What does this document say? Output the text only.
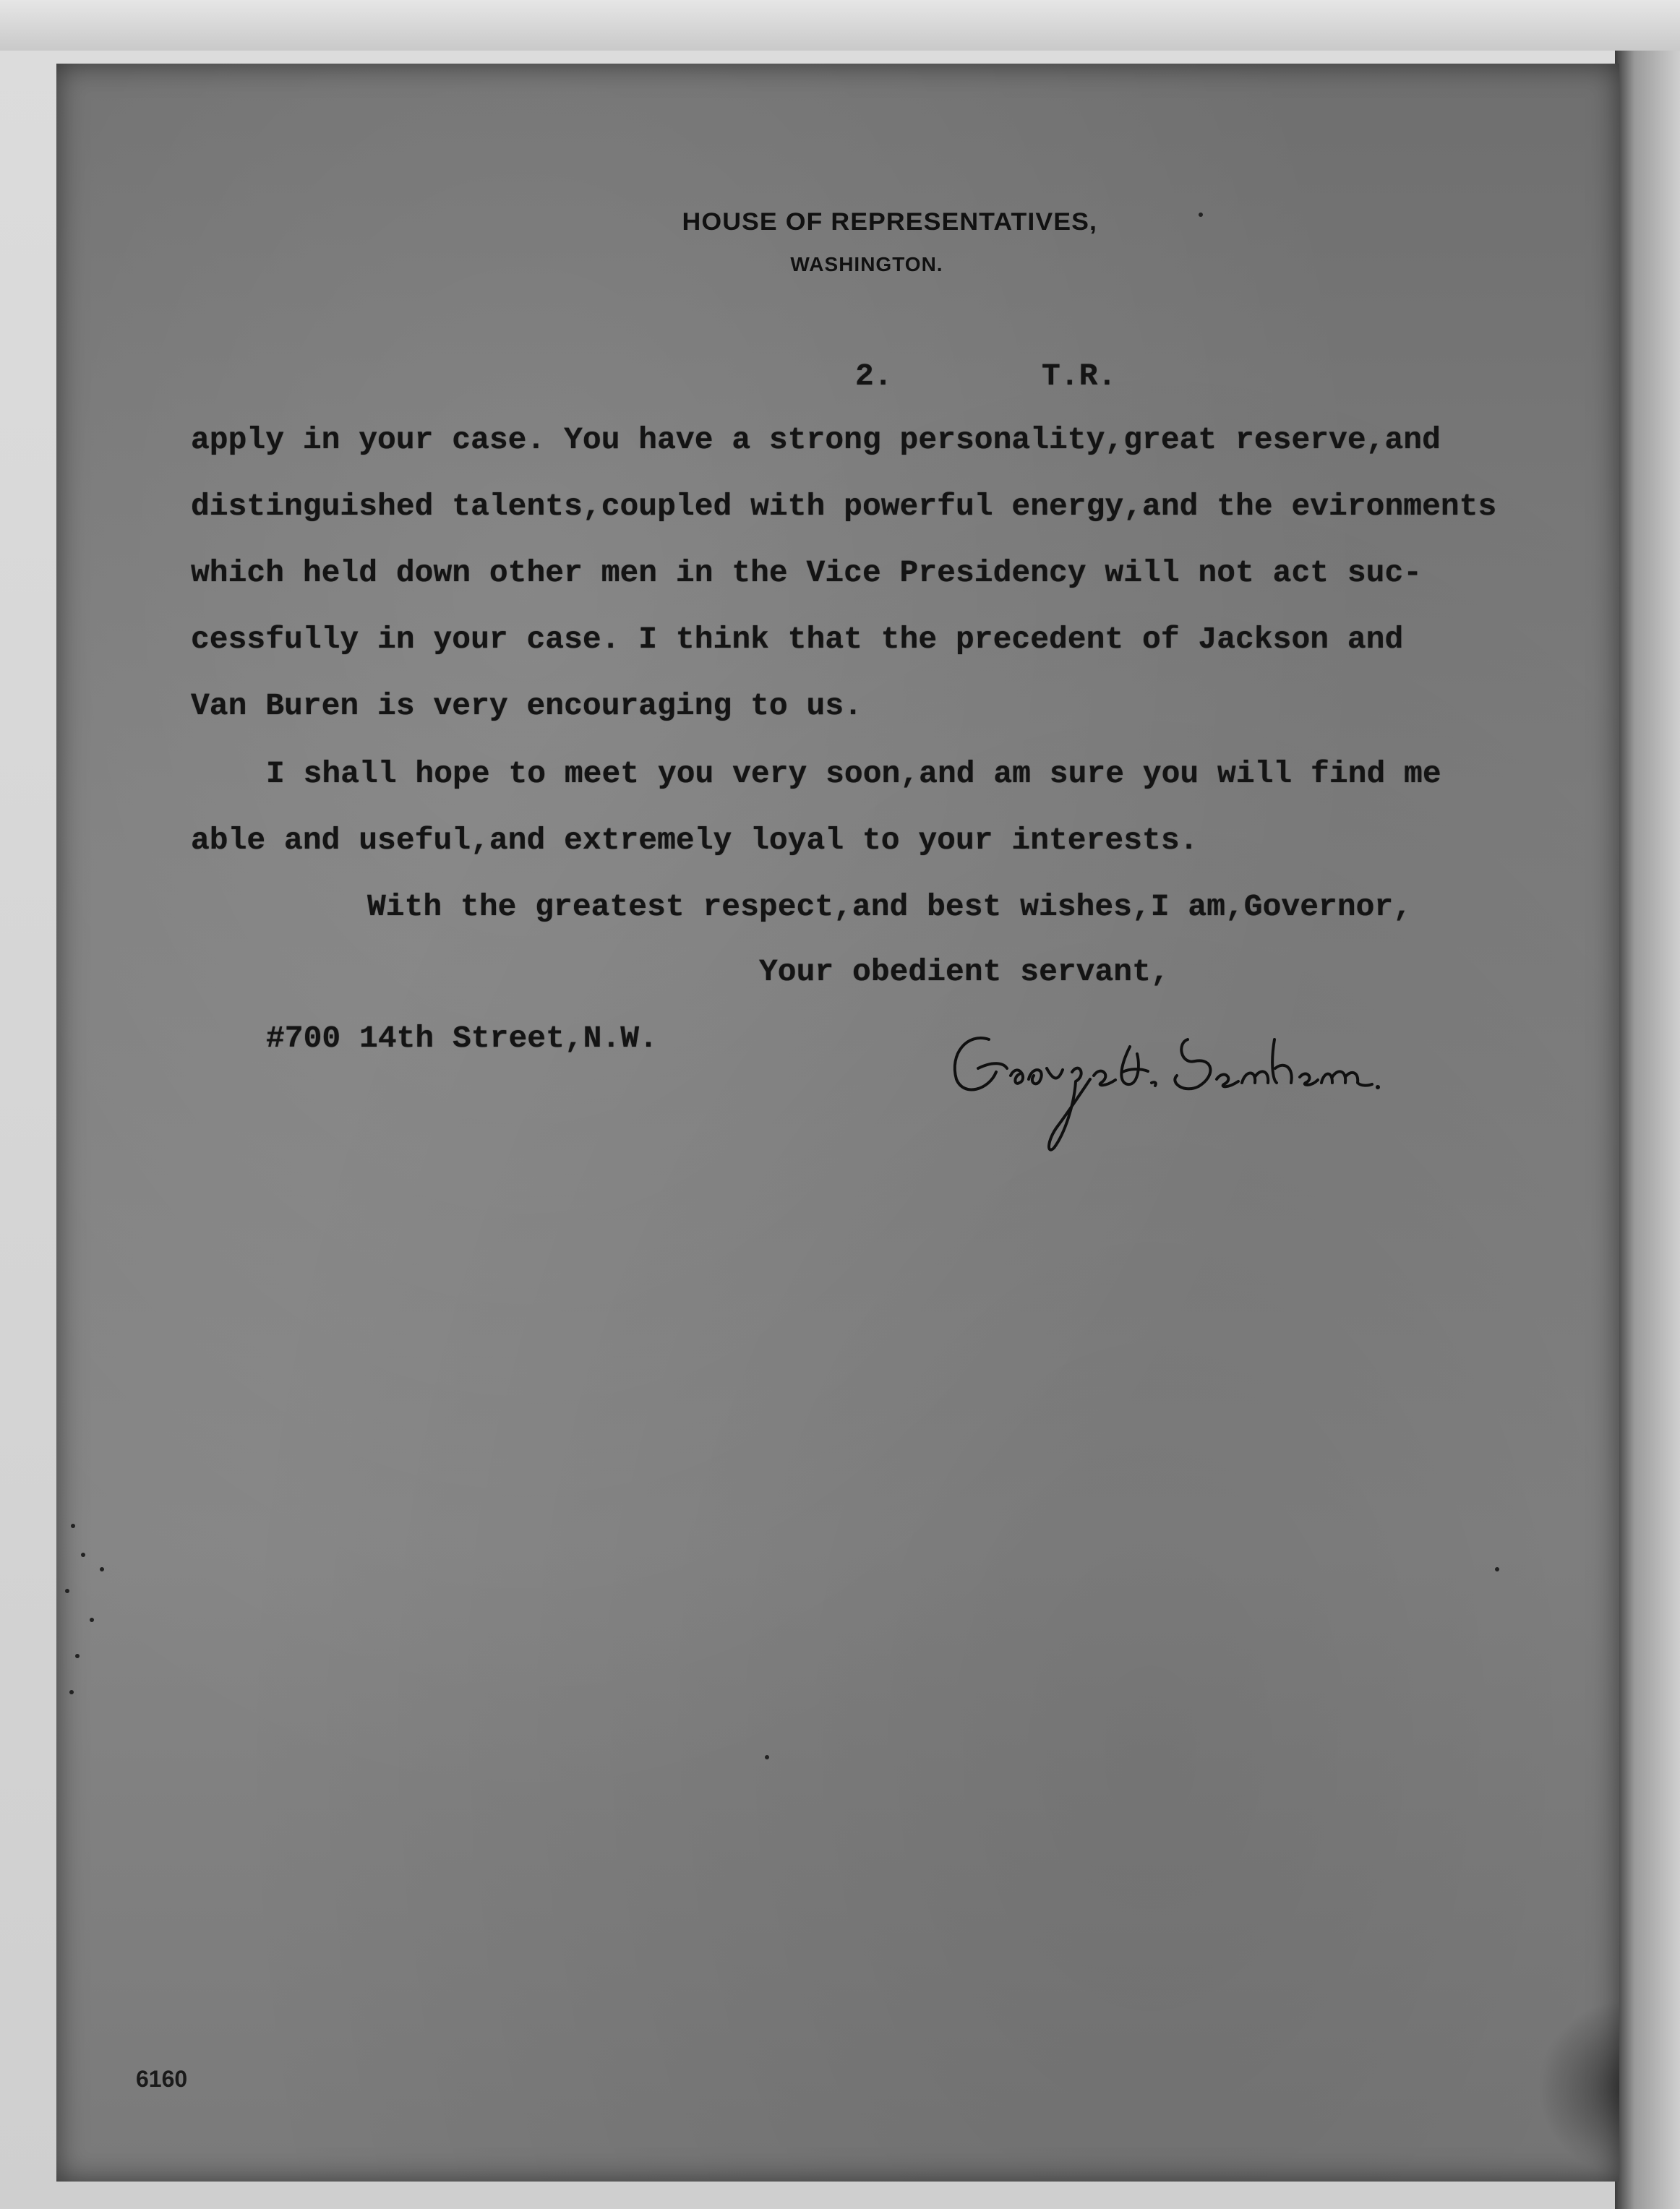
HOUSE OF REPRESENTATIVES,
WASHINGTON.
2.        T.R.
apply in your case. You have a strong personality,great reserve,and
distinguished talents,coupled with powerful energy,and the evironments
which held down other men in the Vice Presidency will not act suc-
cessfully in your case. I think that the precedent of Jackson and
Van Buren is very encouraging to us.
I shall hope to meet you very soon,and am sure you will find me
able and useful,and extremely loyal to your interests.
With the greatest respect,and best wishes,I am,Governor,
Your obedient servant,
#700 14th Street,N.W.
6160
